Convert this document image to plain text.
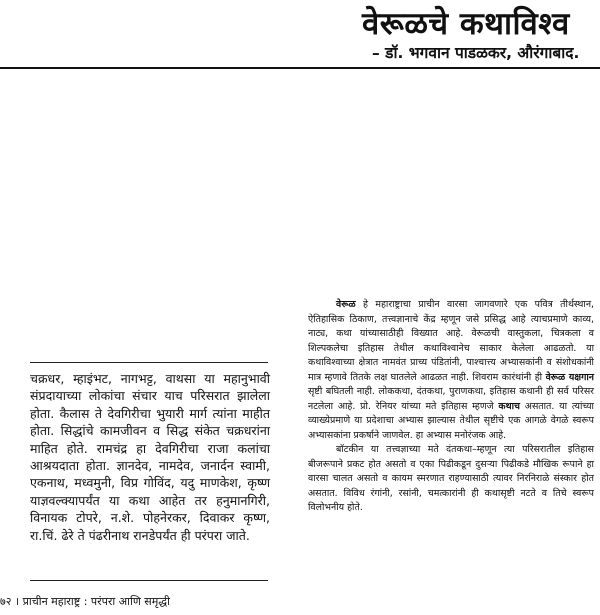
वेरूळचे कथाविश्व
– डॉ. भगवान पाडळकर, औरंगाबाद.

चक्रधर, म्हाइंभट, नागभट्ट, वाथसा या महानुभावी संप्रदायाच्या लोकांचा संचार याच परिसरात झालेला होता. कैलास ते देवगिरीचा भुयारी मार्ग त्यांना माहीत होता. सिद्धांचे कामजीवन व सिद्ध संकेत चक्रधरांना माहित होते. रामचंद्र हा देवगिरीचा राजा कलांचा आश्रयदाता होता. ज्ञानदेव, नामदेव, जनार्दन स्वामी, एकनाथ, मध्वमुनी, विप्र गोविंद, यदु माणकेश, कृष्ण याज्ञवल्क्यापर्यंत या कथा आहेत तर हनुमानगिरी, विनायक टोपरे, न.शे. पोहनेरकर, दिवाकर कृष्ण, रा.चिं. ढेरे ते पंढरीनाथ रानडेपर्यंत ही परंपरा जाते.

वेरूळ हे महाराष्ट्राचा प्राचीन वारसा जागवणारे एक पवित्र तीर्थस्थान, ऐतिहासिक ठिकाण, तत्त्वज्ञानाचे केंद्र म्हणून जसे प्रसिद्ध आहे त्याचप्रमाणे काव्य, नाट्य, कथा यांच्यासाठीही विख्यात आहे. वेरूळची वास्तुकला, चित्रकला व शिल्पकलेचा इतिहास तेथील कथाविश्वानेच साकार केलेला आढळतो. या कथाविश्वाच्या क्षेत्रात नामवंत प्राच्य पंडितांनी, पाश्चात्त्य अभ्यासकांनी व संशोधकांनी मात्र म्हणावे तितके लक्ष घातलेले आढळत नाही. शिवराम कारंथांनी ही वेरूळ यक्षगान सृष्टी बघितली नाही. लोककथा, दंतकथा, पुराणकथा, इतिहास कथानी ही सर्व परिसर नटलेला आहे. प्रो. रेनियर यांच्या मते इतिहास म्हणजे कथाच असतात. या त्यांच्या व्याख्येप्रमाणे या प्रदेशाचा अभ्यास झाल्यास तेथील सृष्टीचे एक आगळे वेगळे स्वरूप अभ्यासकांना प्रकर्षाने जाणवेल. हा अभ्यास मनोरंजक आहे.

बॉटकीन या तत्त्वज्ञाच्या मते दंतकथा–म्हणून त्या परिसरातील इतिहास बीजरूपाने प्रकट होत असतो व एका पिढीकडून दुसऱ्या पिढीकडे मौखिक रूपाने हा वारसा चालत असतो व कायम स्मरणात राहण्यासाठी त्यावर निरनिराळे संस्कार होत असतात. विविध रंगांनी, रसांनी, चमत्कारांनी ही कथासृष्टी नटते व तिचे स्वरूप विलोभनीय होते.

७२ । प्राचीन महाराष्ट्र : परंपरा आणि समृद्धी
